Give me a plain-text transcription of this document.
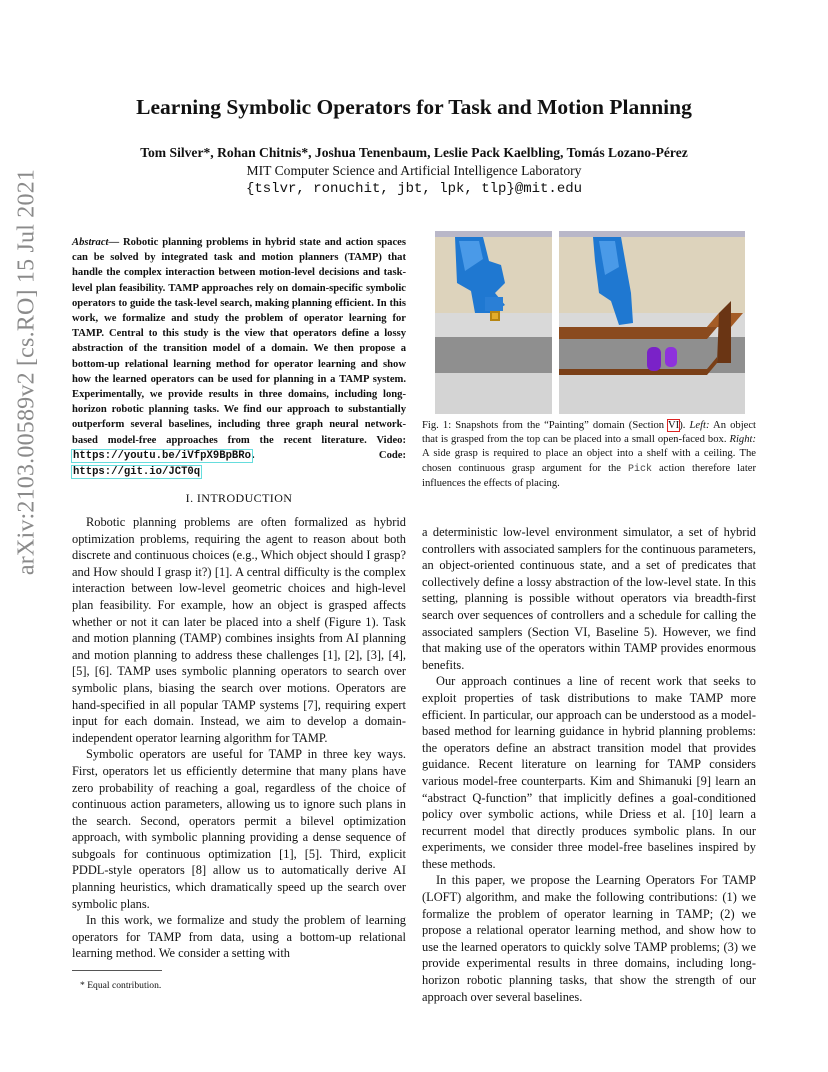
arXiv:2103.00589v2 [cs.RO] 15 Jul 2021
Learning Symbolic Operators for Task and Motion Planning
Tom Silver*, Rohan Chitnis*, Joshua Tenenbaum, Leslie Pack Kaelbling, Tomás Lozano-Pérez
MIT Computer Science and Artificial Intelligence Laboratory
{tslvr, ronuchit, jbt, lpk, tlp}@mit.edu
Abstract— Robotic planning problems in hybrid state and action spaces can be solved by integrated task and motion planners (TAMP) that handle the complex interaction between motion-level decisions and task-level plan feasibility. TAMP approaches rely on domain-specific symbolic operators to guide the task-level search, making planning efficient. In this work, we formalize and study the problem of operator learning for TAMP. Central to this study is the view that operators define a lossy abstraction of the transition model of a domain. We then propose a bottom-up relational learning method for operator learning and show how the learned operators can be used for planning in a TAMP system. Experimentally, we provide results in three domains, including long-horizon robotic planning tasks. We find our approach to substantially outperform several baselines, including three graph neural network-based model-free approaches from the recent literature. Video: https://youtu.be/iVfpX9BpBRo. Code: https://git.io/JCT0q
I. INTRODUCTION

Robotic planning problems are often formalized as hybrid optimization problems, requiring the agent to reason about both discrete and continuous choices (e.g., Which object should I grasp? and How should I grasp it?) [1]. A central difficulty is the complex interaction between low-level geometric choices and high-level plan feasibility. For example, how an object is grasped affects whether or not it can later be placed into a shelf (Figure 1). Task and motion planning (TAMP) combines insights from AI planning and motion planning to address these challenges [1], [2], [3], [4], [5], [6]. TAMP uses symbolic planning operators to search over symbolic plans, biasing the search over motions. Operators are hand-specified in all popular TAMP systems [7], requiring expert input for each domain. Instead, we aim to develop a domain-independent operator learning algorithm for TAMP.

Symbolic operators are useful for TAMP in three key ways. First, operators let us efficiently determine that many plans have zero probability of reaching a goal, regardless of the choice of continuous action parameters, allowing us to ignore such plans in the search. Second, operators permit a bilevel optimization approach, with symbolic planning providing a dense sequence of subgoals for continuous optimization [1], [5]. Third, explicit PDDL-style operators [8] allow us to automatically derive AI planning heuristics, which dramatically speed up the search over symbolic plans.

In this work, we formalize and study the problem of learning operators for TAMP from data, using a bottom-up relational learning method. We consider a setting with

* Equal contribution.
Fig. 1: Snapshots from the “Painting” domain (Section VI). Left: An object that is grasped from the top can be placed into a small open-faced box. Right: A side grasp is required to place an object into a shelf with a ceiling. The chosen continuous grasp argument for the Pick action therefore later influences the effects of placing.

a deterministic low-level environment simulator, a set of hybrid controllers with associated samplers for the continuous parameters, an object-oriented continuous state, and a set of predicates that collectively define a lossy abstraction of the low-level state. In this setting, planning is possible without operators via breadth-first search over sequences of controllers and a schedule for calling the associated samplers (Section VI, Baseline 5). However, we find that making use of the operators within TAMP provides enormous benefits.

Our approach continues a line of recent work that seeks to exploit properties of task distributions to make TAMP more efficient. In particular, our approach can be understood as a model-based method for learning guidance in hybrid planning problems: the operators define an abstract transition model that provides guidance. Recent literature on learning for TAMP considers various model-free counterparts. Kim and Shimanuki [9] learn an “abstract Q-function” that implicitly defines a goal-conditioned policy over symbolic actions, while Driess et al. [10] learn a recurrent model that directly produces symbolic plans. In our experiments, we consider three model-free baselines inspired by these methods.

In this paper, we propose the Learning Operators For TAMP (LOFT) algorithm, and make the following contributions: (1) we formalize the problem of operator learning in TAMP; (2) we propose a relational operator learning method, and show how to use the learned operators to quickly solve TAMP problems; (3) we provide experimental results in three domains, including long-horizon robotic planning tasks, that show the strength of our approach over several baselines.
